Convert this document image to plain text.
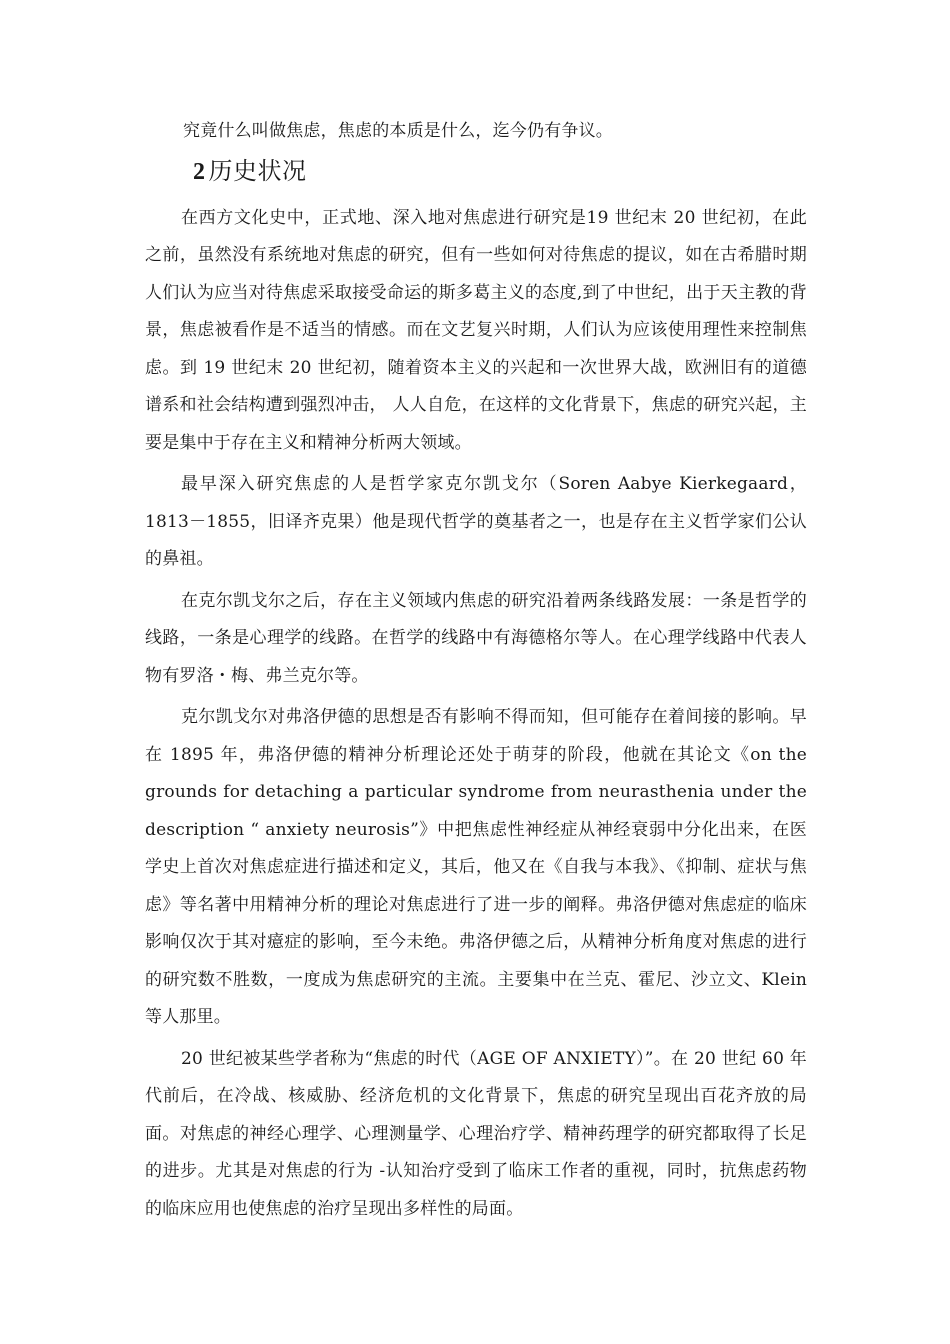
究竟什么叫做焦虑，焦虑的本质是什么，迄今仍有争议。

2 历史状况

在西方文化史中，正式地、深入地对焦虑进行研究是19 世纪末 20 世纪初，在此之前，虽然没有系统地对焦虑的研究，但有一些如何对待焦虑的提议，如在古希腊时期人们认为应当对待焦虑采取接受命运的斯多葛主义的态度,到了中世纪，出于天主教的背景，焦虑被看作是不适当的情感。而在文艺复兴时期，人们认为应该使用理性来控制焦虑。到 19 世纪末 20 世纪初，随着资本主义的兴起和一次世界大战，欧洲旧有的道德谱系和社会结构遭到强烈冲击， 人人自危，在这样的文化背景下，焦虑的研究兴起，主要是集中于存在主义和精神分析两大领域。

最早深入研究焦虑的人是哲学家克尔凯戈尔（Soren Aabye Kierkegaard，1813－1855，旧译齐克果）他是现代哲学的奠基者之一，也是存在主义哲学家们公认的鼻祖。

在克尔凯戈尔之后，存在主义领域内焦虑的研究沿着两条线路发展：一条是哲学的线路，一条是心理学的线路。在哲学的线路中有海德格尔等人。在心理学线路中代表人物有罗洛・梅、弗兰克尔等。

克尔凯戈尔对弗洛伊德的思想是否有影响不得而知，但可能存在着间接的影响。早在 1895 年，弗洛伊德的精神分析理论还处于萌芽的阶段，他就在其论文《on the grounds for detaching a particular syndrome from neurasthenia under the description “ anxiety neurosis”》中把焦虑性神经症从神经衰弱中分化出来，在医学史上首次对焦虑症进行描述和定义，其后，他又在《自我与本我》、《抑制、症状与焦虑》等名著中用精神分析的理论对焦虑进行了进一步的阐释。弗洛伊德对焦虑症的临床影响仅次于其对癔症的影响，至今未绝。弗洛伊德之后，从精神分析角度对焦虑的进行的研究数不胜数，一度成为焦虑研究的主流。主要集中在兰克、霍尼、沙立文、Klein 等人那里。

20 世纪被某些学者称为“焦虑的时代（AGE OF ANXIETY）”。在 20 世纪 60 年代前后，在冷战、核威胁、经济危机的文化背景下，焦虑的研究呈现出百花齐放的局面。对焦虑的神经心理学、心理测量学、心理治疗学、精神药理学的研究都取得了长足的进步。尤其是对焦虑的行为 -认知治疗受到了临床工作者的重视，同时，抗焦虑药物的临床应用也使焦虑的治疗呈现出多样性的局面。
